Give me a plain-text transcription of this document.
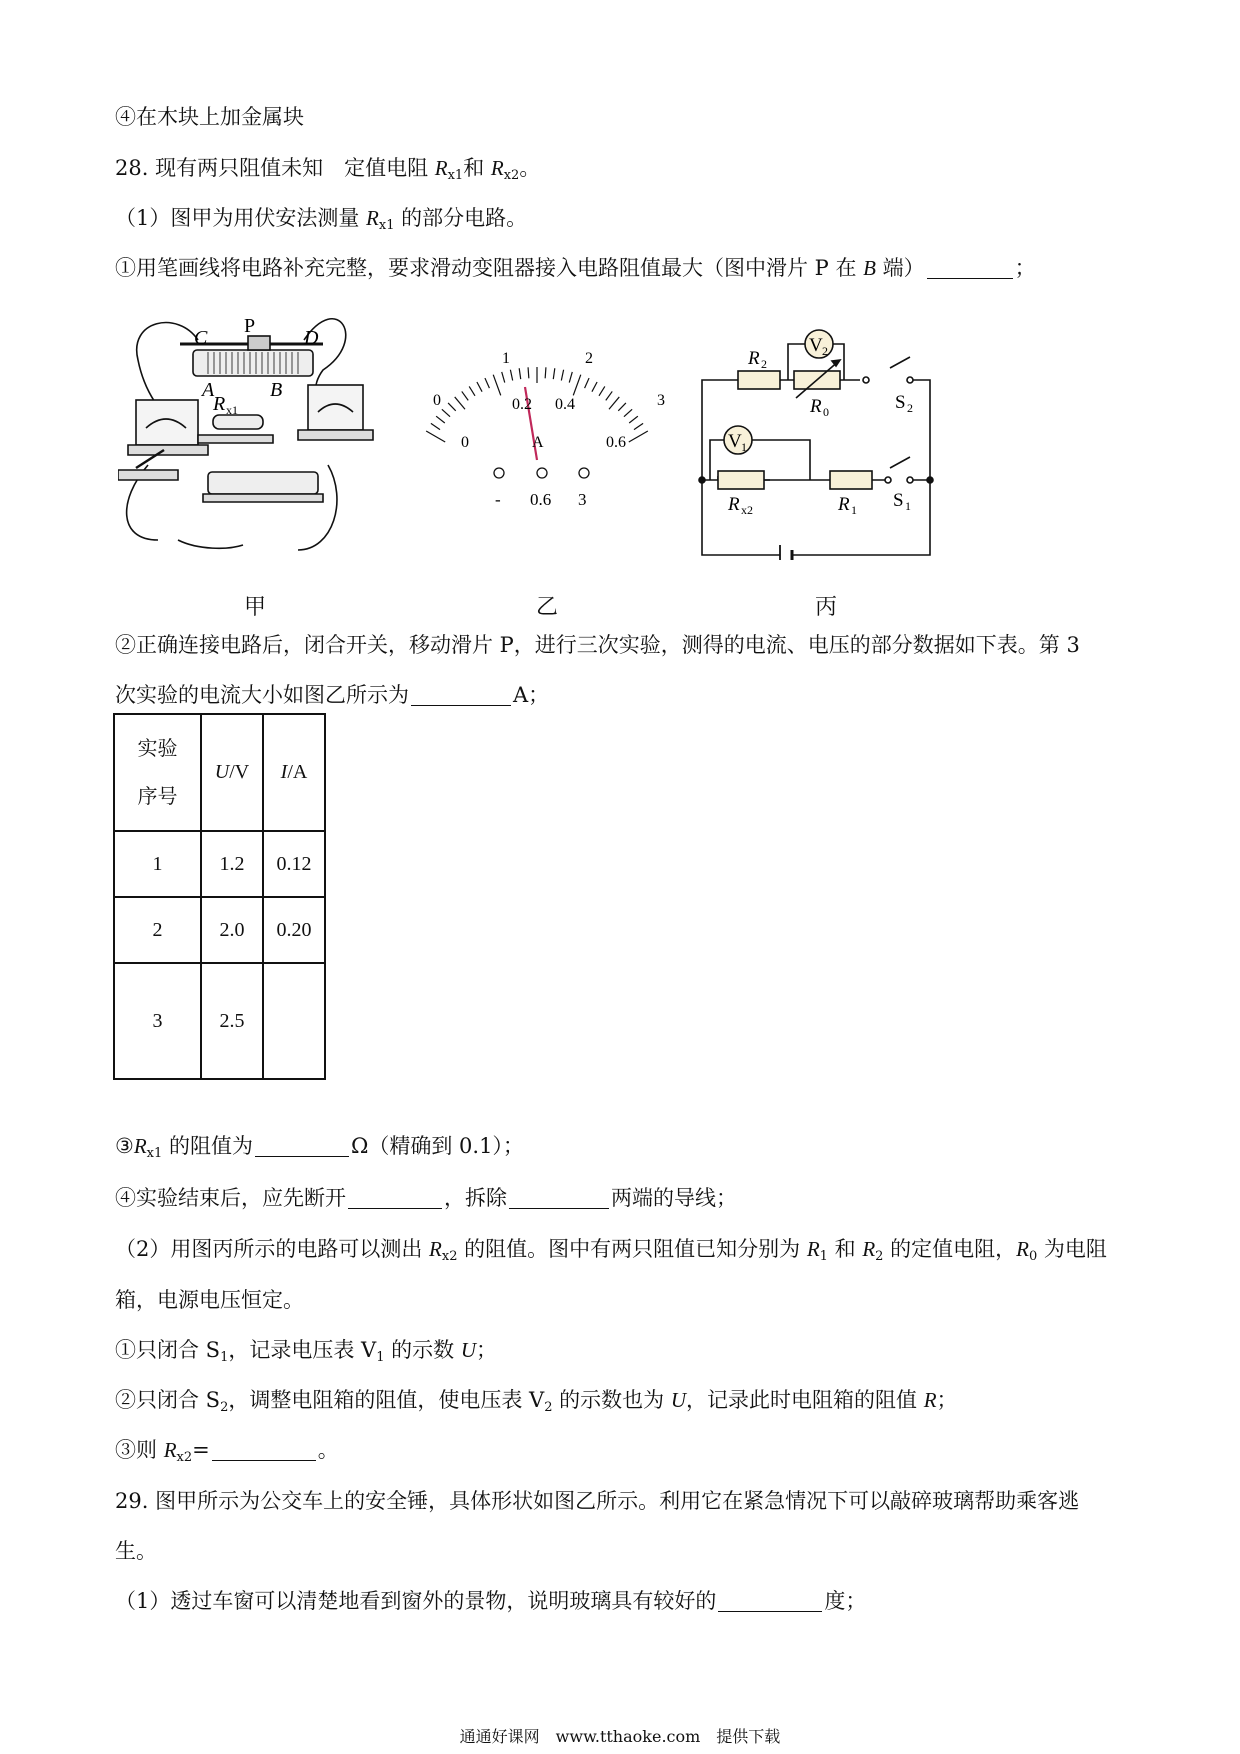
④在木块上加金属块
28. 现有两只阻值未知　定值电阻 $R_{x1}$和 $R_{x2}$。
（1）图甲为用伏安法测量 $R_{x1}$ 的部分电路。
①用笔画线将电路补充完整，要求滑动变阻器接入电路阻值最大（图中滑片 P 在 B 端）	；
C
P
D
A	B
R x1
0
1	2
3
0
0.2 0.4
0.6
A
- 0.6 3
R 2
V 2
R 0	S 2
V 1
R x2	R 1 S 1
甲	乙	丙
②正确连接电路后，闭合开关，移动滑片 P，进行三次实验，测得的电流、电压的部分数据如下表。第 3
次实验的电流大小如图乙所示为	A；
实验
序号	U/V	I/A
1	1.2	0.12
2	2.0	0.20
3	2.5	
$③R_{x1}$ 的阻值为	Ω（精确到 0.1）；
④实验结束后，应先断开	，拆除	两端的导线；
（2）用图丙所示的电路可以测出 $R_{x2}$ 的阻值。图中有两只阻值已知分别为 $R_1$ 和 $R_2$ 的定值电阻，$R_0$ 为电阻
箱，电源电压恒定。
①只闭合 $S_1$，记录电压表 $V_1$ 的示数 U；
②只闭合 $S_2$，调整电阻箱的阻值，使电压表 $V_2$ 的示数也为 U，记录此时电阻箱的阻值 R；
③则 $R_{x2}=$	。
29. 图甲所示为公交车上的安全锤，具体形状如图乙所示。利用它在紧急情况下可以敲碎玻璃帮助乘客逃
生。
（1）透过车窗可以清楚地看到窗外的景物，说明玻璃具有较好的	度；
通通好课网　www.tthaoke.com　提供下载
